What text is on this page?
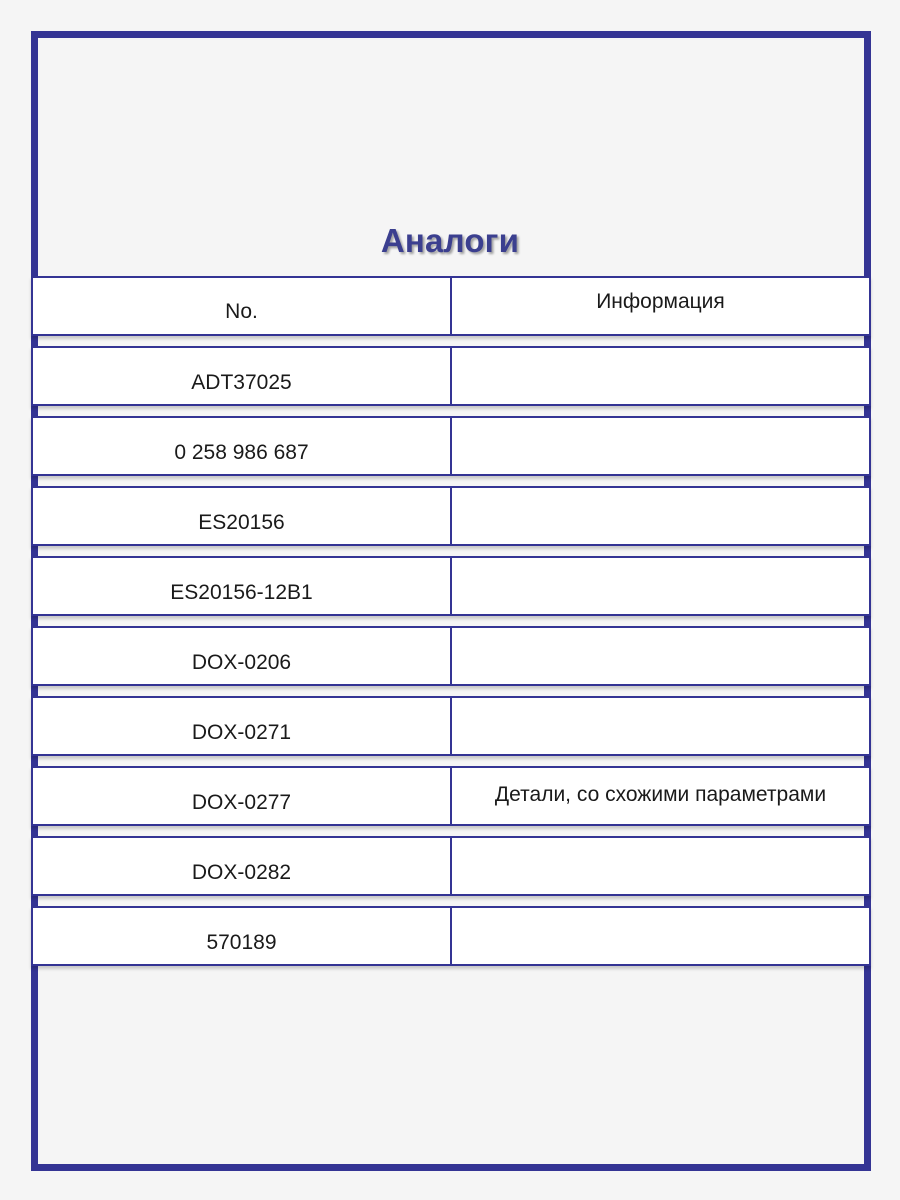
Аналоги
No.	Информация
ADT37025
0 258 986 687
ES20156
ES20156-12B1
DOX-0206
DOX-0271
DOX-0277	Детали, со схожими параметрами
DOX-0282
570189
